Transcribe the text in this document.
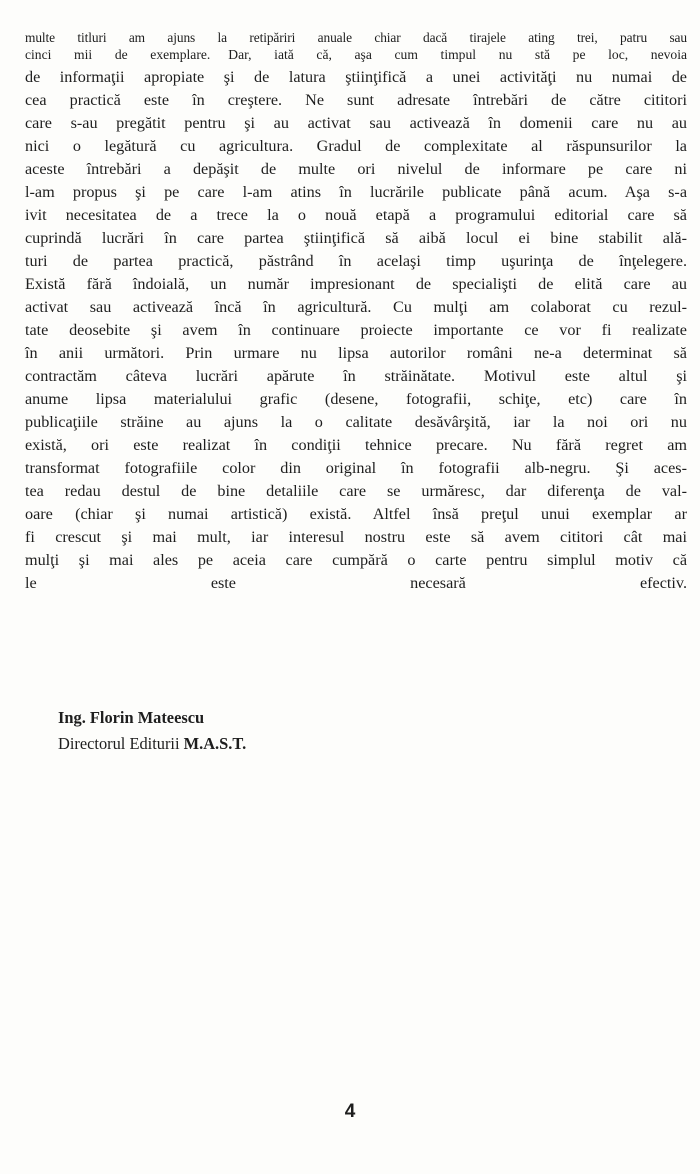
multe titluri am ajuns la retipăriri anuale chiar dacă tirajele ating trei, patru sau
cinci mii de exemplare. Dar, iată că, aşa cum timpul nu stă pe loc, nevoia
de informaţii apropiate şi de latura ştiinţifică a unei activităţi nu numai de
cea practică este în creştere. Ne sunt adresate întrebări de către cititori
care s-au pregătit pentru şi au activat sau activează în domenii care nu au
nici o legătură cu agricultura. Gradul de complexitate al răspunsurilor la
aceste întrebări a depăşit de multe ori nivelul de informare pe care ni
l-am propus şi pe care l-am atins în lucrările publicate până acum. Aşa s-a
ivit necesitatea de a trece la o nouă etapă a programului editorial care să
cuprindă lucrări în care partea ştiinţifică să aibă locul ei bine stabilit ală-
turi de partea practică, păstrând în acelaşi timp uşurinţa de înţelegere.
Există fără îndoială, un număr impresionant de specialişti de elită care au
activat sau activează încă în agricultură. Cu mulţi am colaborat cu rezul-
tate deosebite şi avem în continuare proiecte importante ce vor fi realizate
în anii următori. Prin urmare nu lipsa autorilor români ne-a determinat să
contractăm câteva lucrări apărute în străinătate. Motivul este altul şi
anume lipsa materialului grafic (desene, fotografii, schiţe, etc) care în
publicaţiile străine au ajuns la o calitate desăvârşită, iar la noi ori nu
există, ori este realizat în condiţii tehnice precare. Nu fără regret am
transformat fotografiile color din original în fotografii alb-negru. Şi aces-
tea redau destul de bine detaliile care se urmăresc, dar diferenţa de val-
oare (chiar şi numai artistică) există. Altfel însă preţul unui exemplar ar
fi crescut şi mai mult, iar interesul nostru este să avem cititori cât mai
mulţi şi mai ales pe aceia care cumpără o carte pentru simplul motiv că
le este necesară efectiv.
Ing. Florin Mateescu
Directorul Editurii M.A.S.T.
4
